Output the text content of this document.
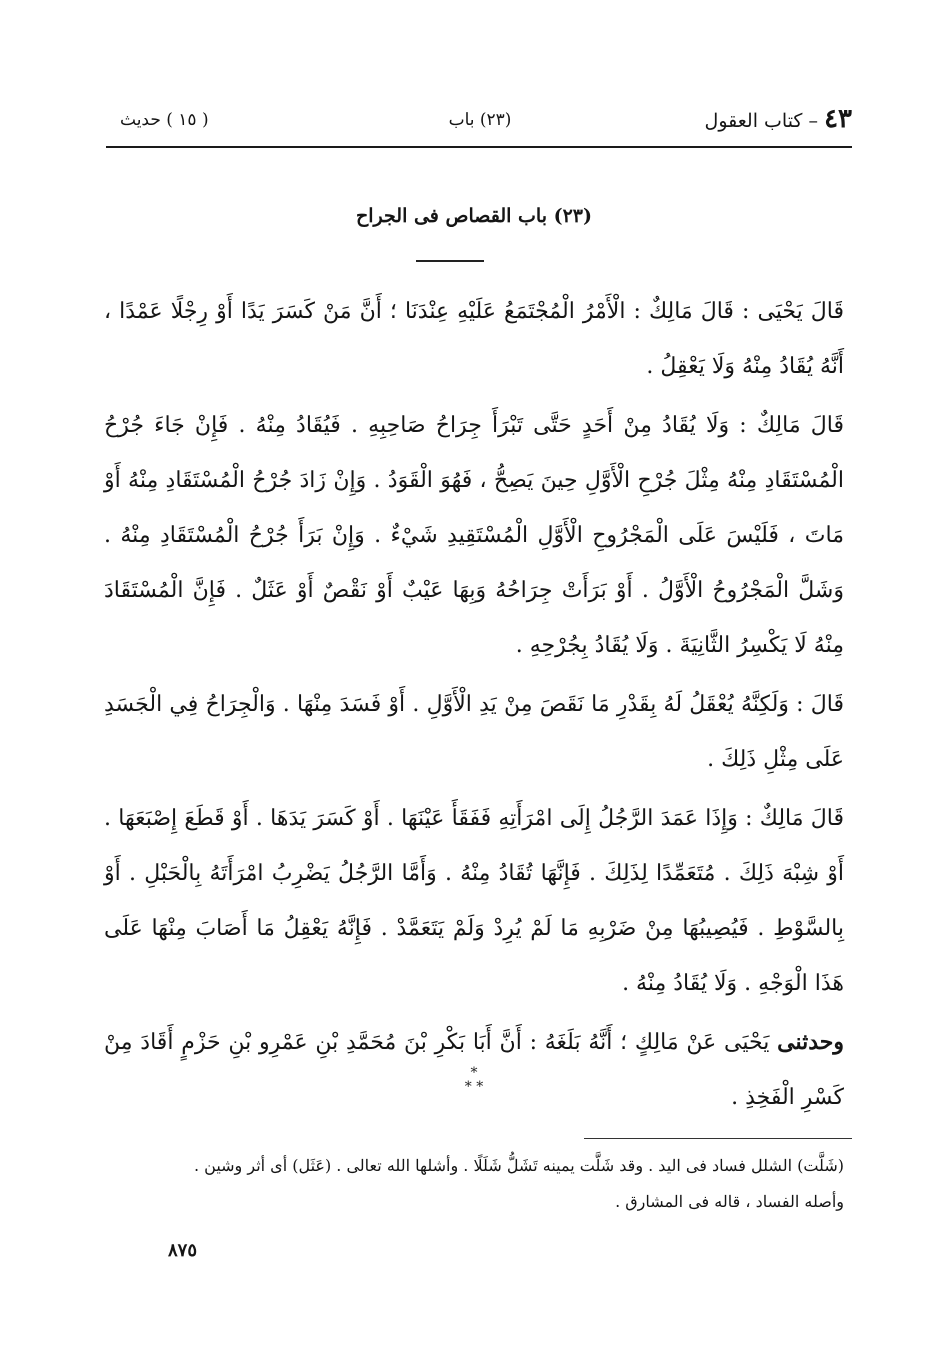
٤٣ – كتاب العقول
(٢٣) باب
( ١٥ ) حديث
(٢٣) باب القصاص فى الجراح

قَالَ يَحْيَى : قَالَ مَالِكٌ : الْأَمْرُ الْمُجْتَمَعُ عَلَيْهِ عِنْدَنَا ؛ أَنَّ مَنْ كَسَرَ يَدًا أَوْ رِجْلًا عَمْدًا ، أَنَّهُ يُقَادُ مِنْهُ وَلَا يَعْقِلُ .

قَالَ مَالِكٌ : وَلَا يُقَادُ مِنْ أَحَدٍ حَتَّى تَبْرَأَ جِرَاحُ صَاحِبِهِ . فَيُقَادُ مِنْهُ . فَإِنْ جَاءَ جُرْحُ الْمُسْتَقَادِ مِنْهُ مِثْلَ جُرْحِ الْأَوَّلِ حِينَ يَصِحُّ ، فَهُوَ الْقَوَدُ . وَإِنْ زَادَ جُرْحُ الْمُسْتَقَادِ مِنْهُ أَوْ مَاتَ ، فَلَيْسَ عَلَى الْمَجْرُوحِ الْأَوَّلِ الْمُسْتَقِيدِ شَيْءٌ . وَإِنْ بَرَأَ جُرْحُ الْمُسْتَقَادِ مِنْهُ . وَشَلَّ الْمَجْرُوحُ الْأَوَّلُ . أَوْ بَرَأَتْ جِرَاحُهُ وَبِهَا عَيْبٌ أَوْ نَقْصٌ أَوْ عَثَلٌ . فَإِنَّ الْمُسْتَقَادَ مِنْهُ لَا يَكْسِرُ الثَّانِيَةَ . وَلَا يُقَادُ بِجُرْحِهِ .

قَالَ : وَلَكِنَّهُ يُعْقَلُ لَهُ بِقَدْرِ مَا نَقَصَ مِنْ يَدِ الْأَوَّلِ . أَوْ فَسَدَ مِنْهَا . وَالْجِرَاحُ فِي الْجَسَدِ عَلَى مِثْلِ ذَلِكَ .

قَالَ مَالِكٌ : وَإِذَا عَمَدَ الرَّجُلُ إِلَى امْرَأَتِهِ فَفَقَأَ عَيْنَهَا . أَوْ كَسَرَ يَدَهَا . أَوْ قَطَعَ إِصْبَعَهَا . أَوْ شِبْهَ ذَلِكَ . مُتَعَمِّدًا لِذَلِكَ . فَإِنَّهَا تُقَادُ مِنْهُ . وَأَمَّا الرَّجُلُ يَضْرِبُ امْرَأَتَهُ بِالْحَبْلِ . أَوْ بِالسَّوْطِ . فَيُصِيبُهَا مِنْ ضَرْبِهِ مَا لَمْ يُرِدْ وَلَمْ يَتَعَمَّدْ . فَإِنَّهُ يَعْقِلُ مَا أَصَابَ مِنْهَا عَلَى هَذَا الْوَجْهِ . وَلَا يُقَادُ مِنْهُ .

وحدثنى يَحْيَى عَنْ مَالِكٍ ؛ أَنَّهُ بَلَغَهُ : أَنَّ أَبَا بَكْرِ بْنَ مُحَمَّدِ بْنِ عَمْرِو بْنِ حَزْمٍ أَقَادَ مِنْ كَسْرِ الْفَخِذِ .

*
* *

(شَلَّت) الشلل فساد فى اليد . وقد شَلَّت يمينه تَشَلُّ شَلَلًا . وأشلها الله تعالى . (عَثَل) أى أثر وشين .

وأصله الفساد ، قاله فى المشارق .

٨٧٥
